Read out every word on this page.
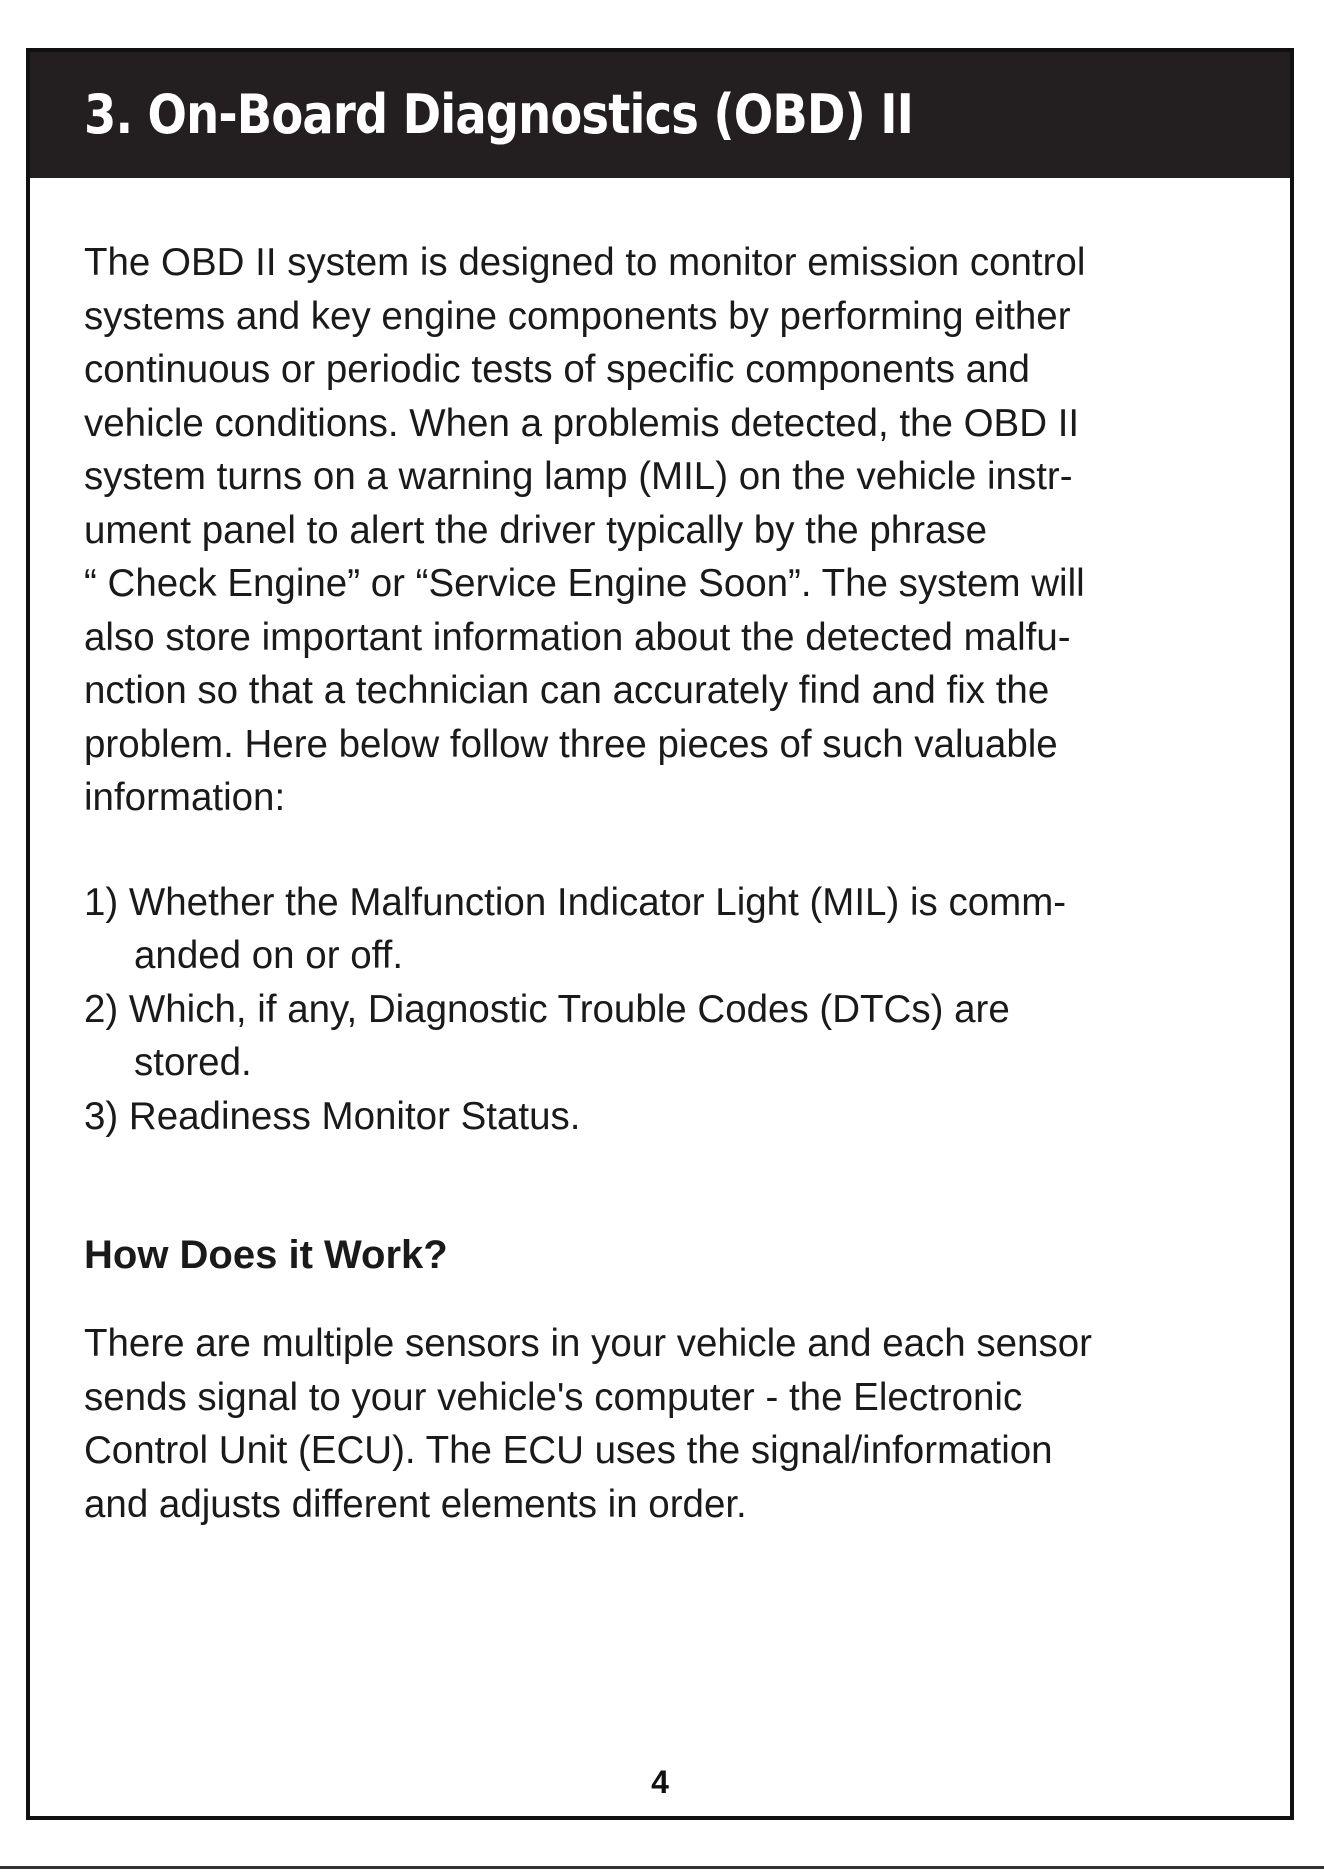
3. On-Board Diagnostics (OBD) II

The OBD II system is designed to monitor emission control
systems and key engine components by performing either
continuous or periodic tests of specific components and
vehicle conditions. When a problemis detected, the OBD II
system turns on a warning lamp (MIL) on the vehicle instr-
ument panel to alert the driver typically by the phrase
“ Check Engine” or “Service Engine Soon”. The system will
also store important information about the detected malfu-
nction so that a technician can accurately find and fix the
problem. Here below follow three pieces of such valuable
information:

1) Whether the Malfunction Indicator Light (MIL) is comm-
anded on or off.
2) Which, if any, Diagnostic Trouble Codes (DTCs) are
stored.
3) Readiness Monitor Status.
How Does it Work?

There are multiple sensors in your vehicle and each sensor
sends signal to your vehicle's computer - the Electronic
Control Unit (ECU). The ECU uses the signal/information
and adjusts different elements in order.

4
